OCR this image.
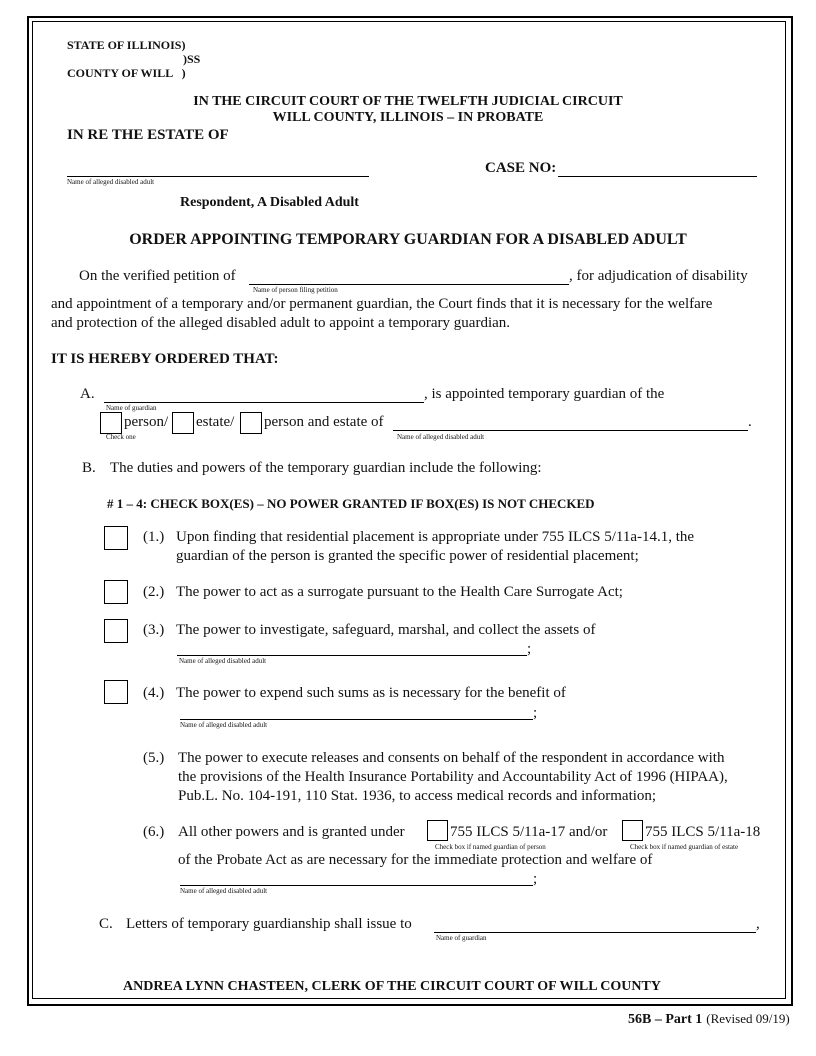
STATE OF ILLINOIS)
)SS
COUNTY OF WILL   )
IN THE CIRCUIT COURT OF THE TWELFTH JUDICIAL CIRCUIT
WILL COUNTY, ILLINOIS – IN PROBATE
IN RE THE ESTATE OF
Name of alleged disabled adult
CASE NO:
Respondent, A Disabled Adult
ORDER APPOINTING TEMPORARY GUARDIAN FOR A DISABLED ADULT
On the verified petition of	, for adjudication of disability
Name of person filing petition
and appointment of a temporary and/or permanent guardian, the Court finds that it is necessary for the welfare
and protection of the alleged disabled adult to appoint a temporary guardian.
IT IS HEREBY ORDERED THAT:
A.	, is appointed temporary guardian of the
Name of guardian
person/ estate/ person and estate of	.
Check one	Name of alleged disabled adult
B. The duties and powers of the temporary guardian include the following:
# 1 – 4: CHECK BOX(ES) – NO POWER GRANTED IF BOX(ES) IS NOT CHECKED
(1.) Upon finding that residential placement is appropriate under 755 ILCS 5/11a-14.1, the
guardian of the person is granted the specific power of residential placement;
(2.) The power to act as a surrogate pursuant to the Health Care Surrogate Act;
(3.) The power to investigate, safeguard, marshal, and collect the assets of
;
Name of alleged disabled adult
(4.) The power to expend such sums as is necessary for the benefit of
;
Name of alleged disabled adult
(5.) The power to execute releases and consents on behalf of the respondent in accordance with
the provisions of the Health Insurance Portability and Accountability Act of 1996 (HIPAA),
Pub.L. No. 104-191, 110 Stat. 1936, to access medical records and information;
(6.) All other powers and is granted under	755 ILCS 5/11a-17 and/or	755 ILCS 5/11a-18
Check box if named guardian of person	Check box if named guardian of estate
of the Probate Act as are necessary for the immediate protection and welfare of
;
Name of alleged disabled adult
C. Letters of temporary guardianship shall issue to	,
Name of guardian
ANDREA LYNN CHASTEEN, CLERK OF THE CIRCUIT COURT OF WILL COUNTY
56B – Part 1 (Revised 09/19)
